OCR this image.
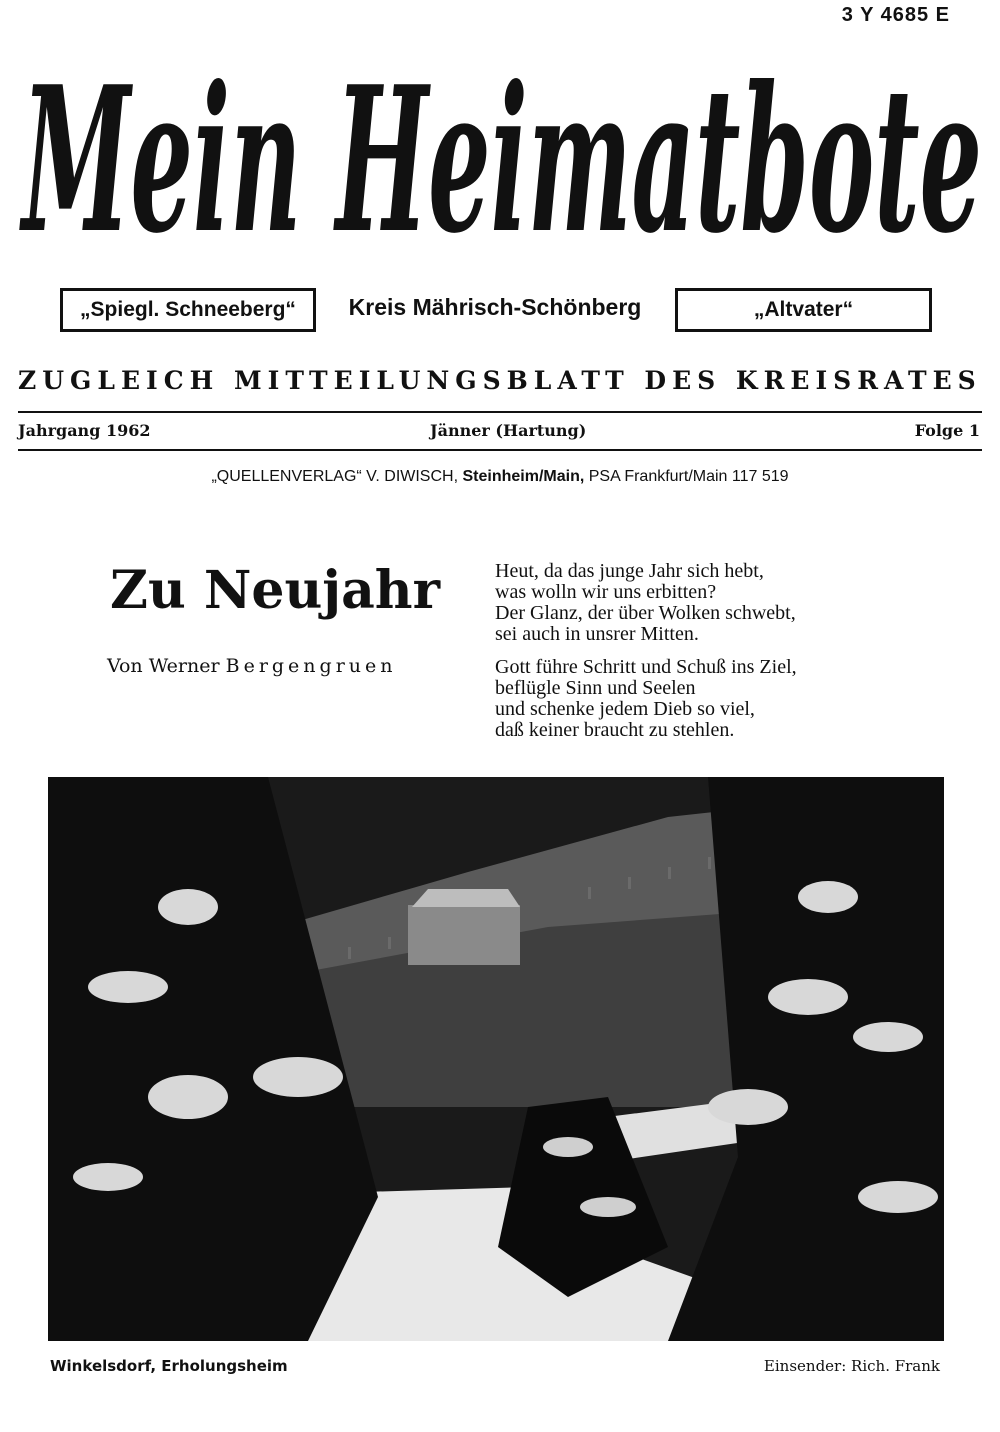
3 Y 4685 E
Mein Heimatbote
„Spiegl. Schneeberg“	Kreis Mährisch-Schönberg	„Altvater“
ZUGLEICH MITTEILUNGSBLATT DES KREISRATES
Jahrgang 1962	Jänner (Hartung)	Folge 1
„QUELLENVERLAG“ V. DIWISCH, Steinheim/Main, PSA Frankfurt/Main 117 519
Zu Neujahr
Von Werner Bergengruen
Heut, da das junge Jahr sich hebt,
was wolln wir uns erbitten?
Der Glanz, der über Wolken schwebt,
sei auch in unsrer Mitten.
Gott führe Schritt und Schuß ins Ziel,
beflügle Sinn und Seelen
und schenke jedem Dieb so viel,
daß keiner braucht zu stehlen.
Winkelsdorf, Erholungsheim	Einsender: Rich. Frank
